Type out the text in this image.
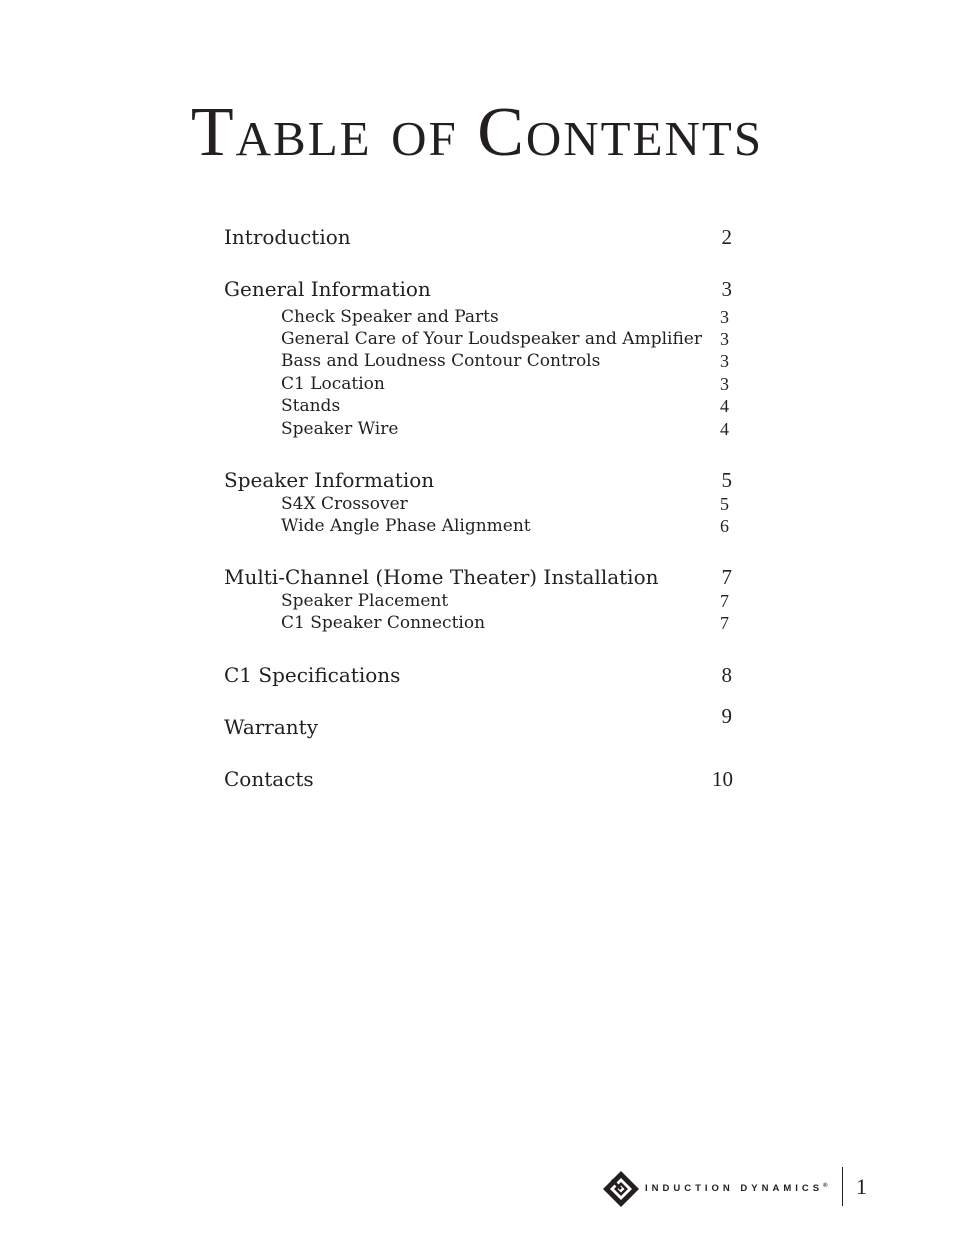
Table of Contents
Introduction	2
General Information	3
Check Speaker and Parts	3
General Care of Your Loudspeaker and Amplifier 3
Bass and Loudness Contour Controls	3
C1 Location	3
Stands	4
Speaker Wire	4
Speaker Information	5
S4X Crossover	5
Wide Angle Phase Alignment	6
Multi-Channel (Home Theater) Installation	7
Speaker Placement	7
C1 Speaker Connection	7
C1 Specifications	8
Warranty	9
Contacts	10
INDUCTION DYNAMICS® 1
